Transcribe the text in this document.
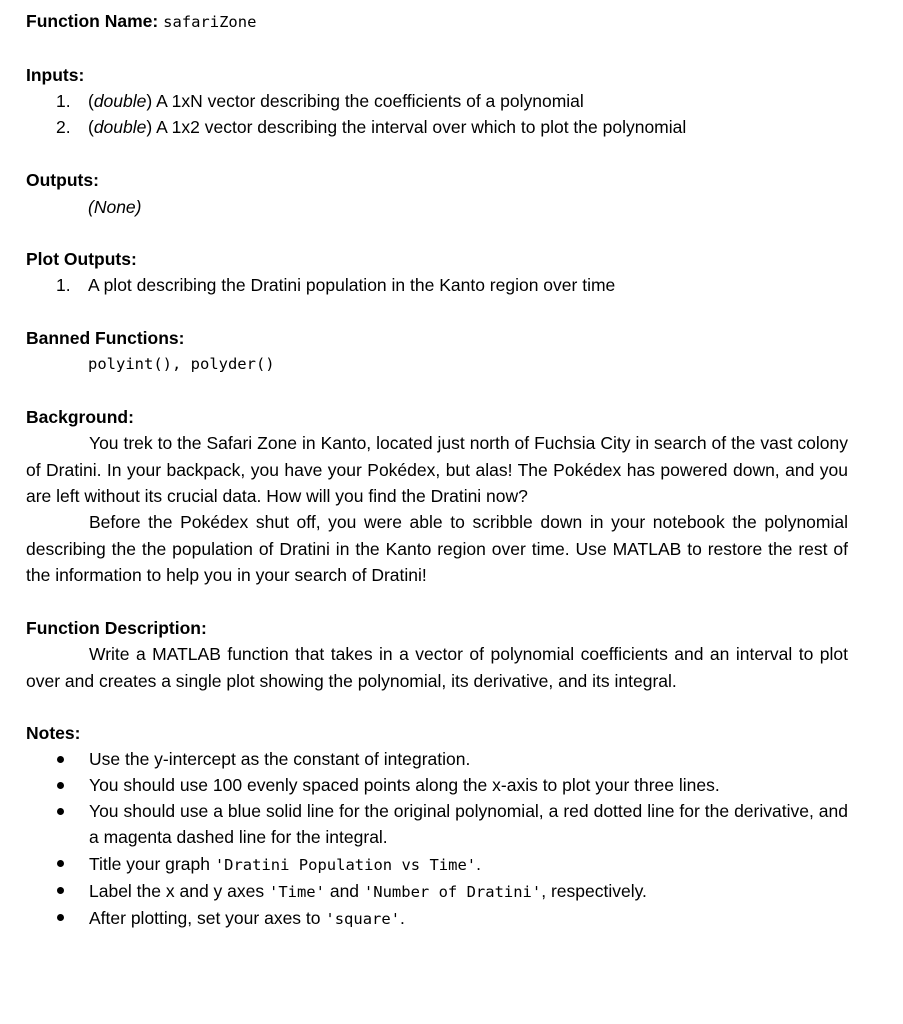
Function Name: safariZone
Inputs:
1. (double) A 1xN vector describing the coefficients of a polynomial
2. (double) A 1x2 vector describing the interval over which to plot the polynomial
Outputs:
(None)
Plot Outputs:
1. A plot describing the Dratini population in the Kanto region over time
Banned Functions:
polyint(), polyder()
Background:
You trek to the Safari Zone in Kanto, located just north of Fuchsia City in search of the vast colony of Dratini. In your backpack, you have your Pokédex, but alas! The Pokédex has powered down, and you are left without its crucial data. How will you find the Dratini now?
Before the Pokédex shut off, you were able to scribble down in your notebook the polynomial describing the the population of Dratini in the Kanto region over time. Use MATLAB to restore the rest of the information to help you in your search of Dratini!
Function Description:
Write a MATLAB function that takes in a vector of polynomial coefficients and an interval to plot over and creates a single plot showing the polynomial, its derivative, and its integral.
Notes:
Use the y-intercept as the constant of integration.
You should use 100 evenly spaced points along the x-axis to plot your three lines.
You should use a blue solid line for the original polynomial, a red dotted line for the derivative, and a magenta dashed line for the integral.
Title your graph 'Dratini Population vs Time'.
Label the x and y axes 'Time' and 'Number of Dratini', respectively.
After plotting, set your axes to 'square'.
